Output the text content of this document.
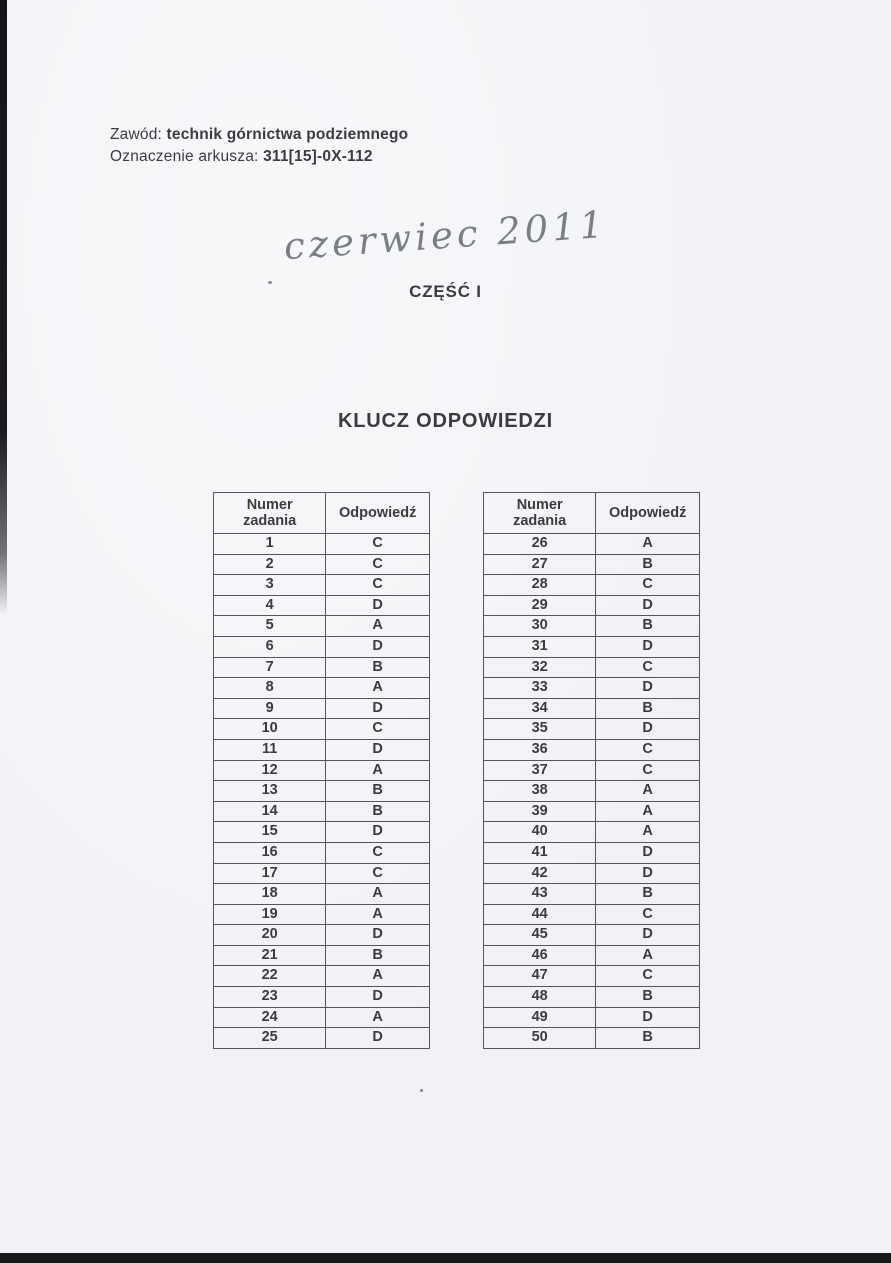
Zawód: technik górnictwa podziemnego
Oznaczenie arkusza: 311[15]-0X-112
czerwiec 2011
CZĘŚĆ I
KLUCZ ODPOWIEDZI
Numer zadania	Odpowiedź
1	C
2	C
3	C
4	D
5	A
6	D
7	B
8	A
9	D
10	C
11	D
12	A
13	B
14	B
15	D
16	C
17	C
18	A
19	A
20	D
21	B
22	A
23	D
24	A
25	D
Numer zadania	Odpowiedź
26	A
27	B
28	C
29	D
30	B
31	D
32	C
33	D
34	B
35	D
36	C
37	C
38	A
39	A
40	A
41	D
42	D
43	B
44	C
45	D
46	A
47	C
48	B
49	D
50	B
